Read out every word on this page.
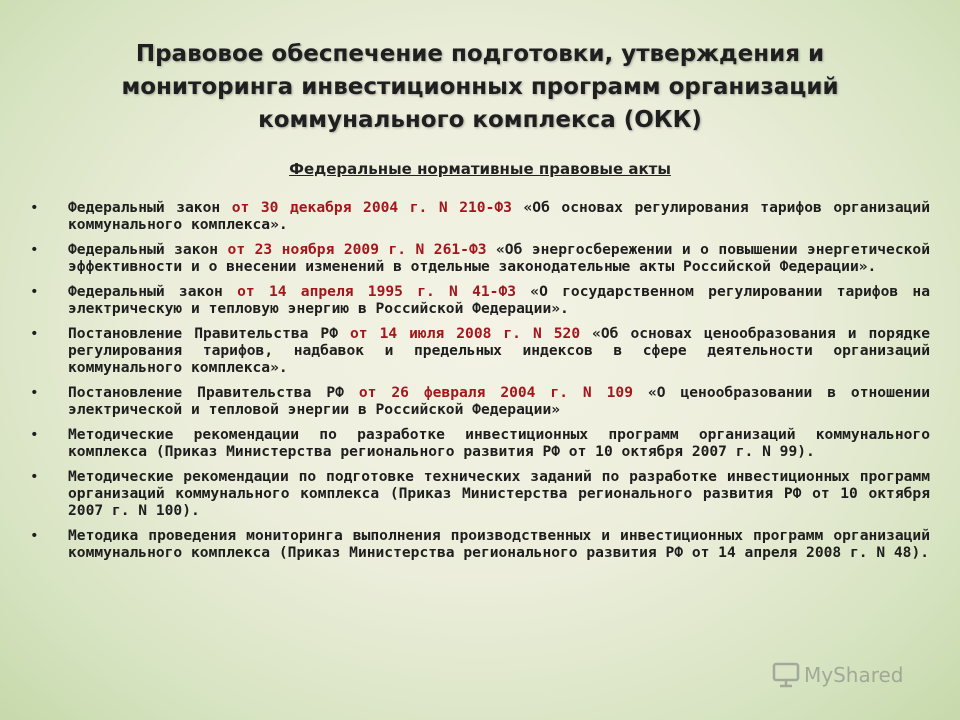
Правовое обеспечение подготовки, утверждения и мониторинга инвестиционных программ организаций коммунального комплекса (ОКК)
Федеральные нормативные правовые акты
• Федеральный закон от 30 декабря 2004 г. N 210-ФЗ «Об основах регулирования тарифов организаций коммунального комплекса».
• Федеральный закон от 23 ноября 2009 г. N 261-ФЗ «Об энергосбережении и о повышении энергетической эффективности и о внесении изменений в отдельные законодательные акты Российской Федерации».
• Федеральный закон от 14 апреля 1995 г. N 41-ФЗ «О государственном регулировании тарифов на электрическую и тепловую энергию в Российской Федерации».
• Постановление Правительства РФ от 14 июля 2008 г. N 520 «Об основах ценообразования и порядке регулирования тарифов, надбавок и предельных индексов в сфере деятельности организаций коммунального комплекса».
• Постановление Правительства РФ от 26 февраля 2004 г. N 109 «О ценообразовании в отношении электрической и тепловой энергии в Российской Федерации»
• Методические рекомендации по разработке инвестиционных программ организаций коммунального комплекса (Приказ Министерства регионального развития РФ от 10 октября 2007 г. N 99).
• Методические рекомендации по подготовке технических заданий по разработке инвестиционных программ организаций коммунального комплекса (Приказ Министерства регионального развития РФ от 10 октября 2007 г. N 100).
• Методика проведения мониторинга выполнения производственных и инвестиционных программ организаций коммунального комплекса (Приказ Министерства регионального развития РФ от 14 апреля 2008 г. N 48).
MyShared
